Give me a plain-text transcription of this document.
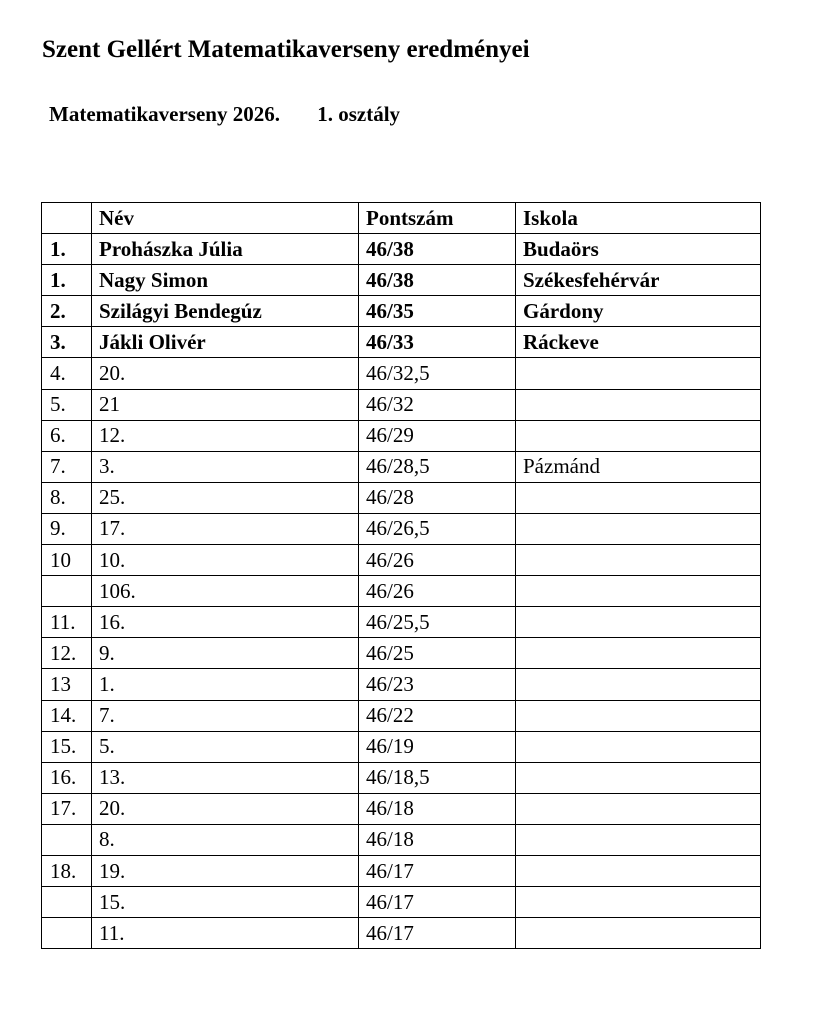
Szent Gellért Matematikaverseny eredményei
Matematikaverseny 2026. 1. osztály
	Név	Pontszám	Iskola
1.	Prohászka Júlia	46/38	Budaörs
1.	Nagy Simon	46/38	Székesfehérvár
2.	Szilágyi Bendegúz	46/35	Gárdony
3.	Jákli Olivér	46/33	Ráckeve
4.	20.	46/32,5	
5.	21	46/32	
6.	12.	46/29	
7.	3.	46/28,5	Pázmánd
8.	25.	46/28	
9.	17.	46/26,5	
10	10.	46/26	
	106.	46/26	
11.	16.	46/25,5	
12.	9.	46/25	
13	1.	46/23	
14.	7.	46/22	
15.	5.	46/19	
16.	13.	46/18,5	
17.	20.	46/18	
	8.	46/18	
18.	19.	46/17	
	15.	46/17	
	11.	46/17	
